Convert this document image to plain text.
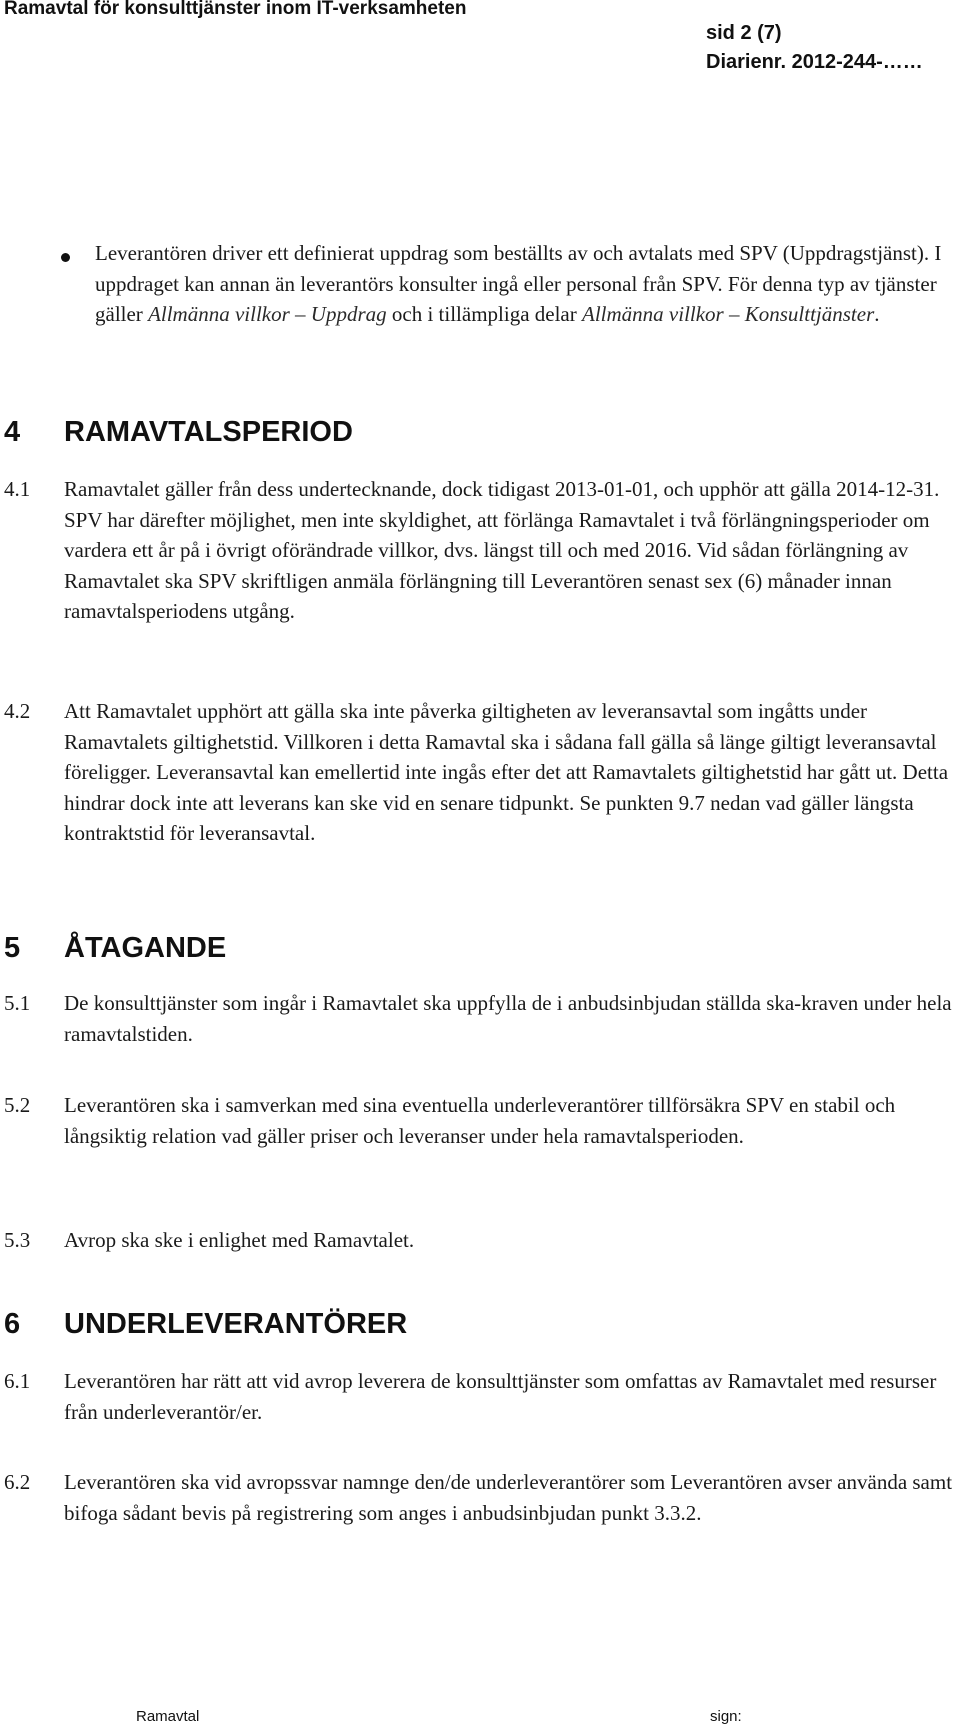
Ramavtal för konsulttjänster inom IT-verksamheten
sid 2 (7)
Diarienr. 2012-244-……
Leverantören driver ett definierat uppdrag som beställts av och avtalats med SPV (Uppdragstjänst). I uppdraget kan annan än leverantörs konsulter ingå eller personal från SPV. För denna typ av tjänster gäller Allmänna villkor – Uppdrag och i tillämpliga delar Allmänna villkor – Konsulttjänster.
4 RAMAVTALSPERIOD
4.1 Ramavtalet gäller från dess undertecknande, dock tidigast 2013-01-01, och upphör att gälla 2014-12-31. SPV har därefter möjlighet, men inte skyldighet, att förlänga Ramavtalet i två förlängningsperioder om vardera ett år på i övrigt oförändrade villkor, dvs. längst till och med 2016. Vid sådan förlängning av Ramavtalet ska SPV skriftligen anmäla förlängning till Leverantören senast sex (6) månader innan ramavtalsperiodens utgång.
4.2 Att Ramavtalet upphört att gälla ska inte påverka giltigheten av leveransavtal som ingåtts under Ramavtalets giltighetstid. Villkoren i detta Ramavtal ska i sådana fall gälla så länge giltigt leveransavtal föreligger. Leveransavtal kan emellertid inte ingås efter det att Ramavtalets giltighetstid har gått ut. Detta hindrar dock inte att leverans kan ske vid en senare tidpunkt. Se punkten 9.7 nedan vad gäller längsta kontraktstid för leveransavtal.
5 ÅTAGANDE
5.1 De konsulttjänster som ingår i Ramavtalet ska uppfylla de i anbudsinbjudan ställda ska-kraven under hela ramavtalstiden.
5.2 Leverantören ska i samverkan med sina eventuella underleverantörer tillförsäkra SPV en stabil och långsiktig relation vad gäller priser och leveranser under hela ramavtalsperioden.
5.3 Avrop ska ske i enlighet med Ramavtalet.
6 UNDERLEVERANTÖRER
6.1 Leverantören har rätt att vid avrop leverera de konsulttjänster som omfattas av Ramavtalet med resurser från underleverantör/er.
6.2 Leverantören ska vid avropssvar namnge den/de underleverantörer som Leverantören avser använda samt bifoga sådant bevis på registrering som anges i anbudsinbjudan punkt 3.3.2.
Ramavtal	sign:
